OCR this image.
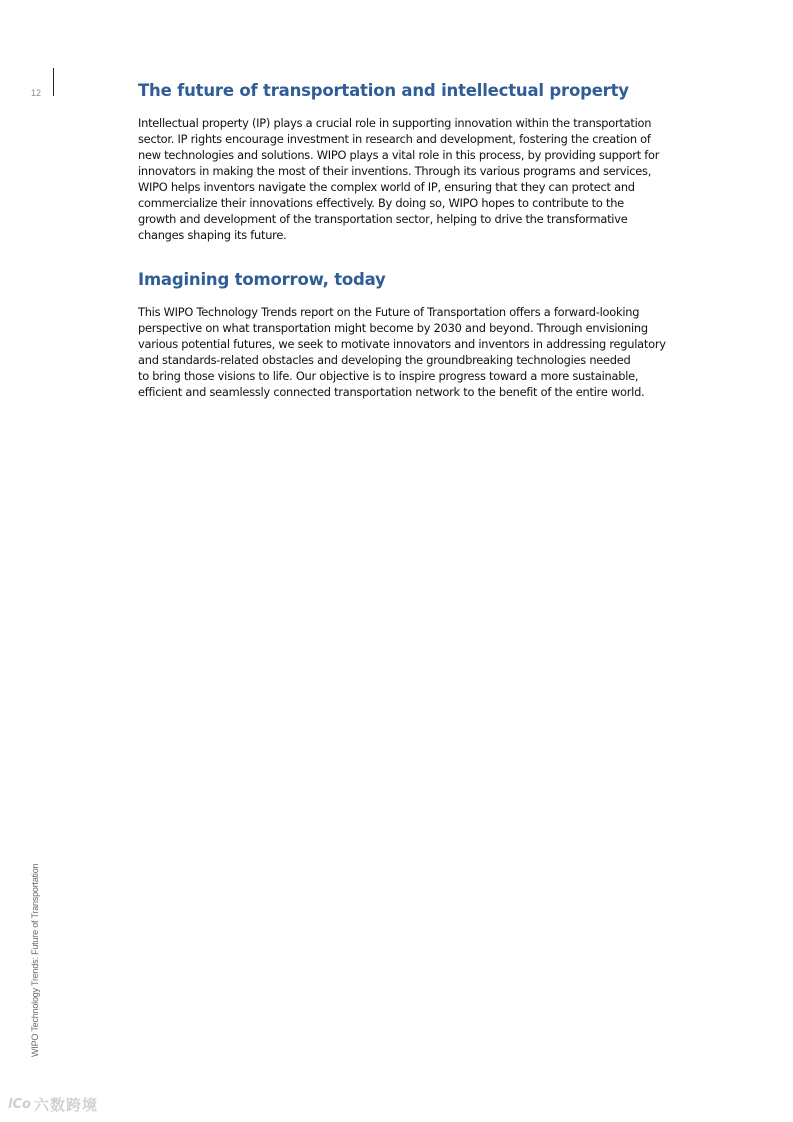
12	The future of transportation and intellectual property

Intellectual property (IP) plays a crucial role in supporting innovation within the transportation
sector. IP rights encourage investment in research and development, fostering the creation of
new technologies and solutions. WIPO plays a vital role in this process, by providing support for
innovators in making the most of their inventions. Through its various programs and services,
WIPO helps inventors navigate the complex world of IP, ensuring that they can protect and
commercialize their innovations effectively. By doing so, WIPO hopes to contribute to the
growth and development of the transportation sector, helping to drive the transformative
changes shaping its future.

Imagining tomorrow, today

This WIPO Technology Trends report on the Future of Transportation offers a forward-looking
perspective on what transportation might become by 2030 and beyond. Through envisioning
various potential futures, we seek to motivate innovators and inventors in addressing regulatory
and standards-related obstacles and developing the groundbreaking technologies needed
to bring those visions to life. Our objective is to inspire progress toward a more sustainable,
efficient and seamlessly connected transportation network to the benefit of the entire world.

WIPO Technology Trends: Future of Transportation
lCo 六数跨境
